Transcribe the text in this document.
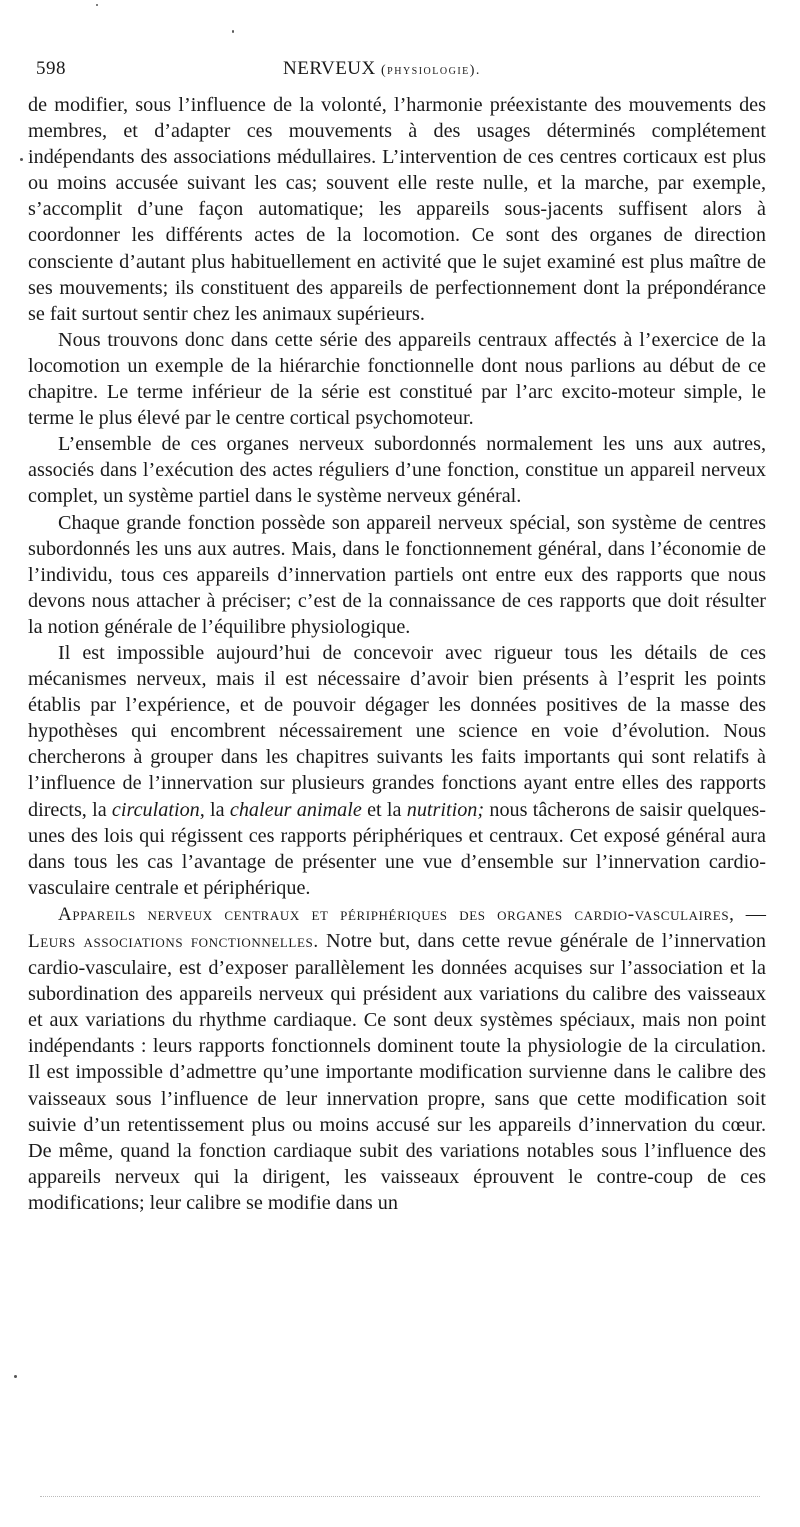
598	NERVEUX (physiologie).

de modifier, sous l’influence de la volonté, l’harmonie préexistante des mouvements des membres, et d’adapter ces mouvements à des usages déterminés complétement indépendants des associations médullaires. L’intervention de ces centres corticaux est plus ou moins accusée suivant les cas; souvent elle reste nulle, et la marche, par exemple, s’accomplit d’une façon automatique; les appareils sous-jacents suffisent alors à coordonner les différents actes de la locomotion. Ce sont des organes de direction consciente d’autant plus habituellement en activité que le sujet examiné est plus maître de ses mouvements; ils constituent des appareils de perfectionnement dont la prépondérance se fait surtout sentir chez les animaux supérieurs.

Nous trouvons donc dans cette série des appareils centraux affectés à l’exercice de la locomotion un exemple de la hiérarchie fonctionnelle dont nous parlions au début de ce chapitre. Le terme inférieur de la série est constitué par l’arc excito-moteur simple, le terme le plus élevé par le centre cortical psychomoteur.

L’ensemble de ces organes nerveux subordonnés normalement les uns aux autres, associés dans l’exécution des actes réguliers d’une fonction, constitue un appareil nerveux complet, un système partiel dans le système nerveux général.

Chaque grande fonction possède son appareil nerveux spécial, son système de centres subordonnés les uns aux autres. Mais, dans le fonctionnement général, dans l’économie de l’individu, tous ces appareils d’innervation partiels ont entre eux des rapports que nous devons nous attacher à préciser; c’est de la connaissance de ces rapports que doit résulter la notion générale de l’équilibre physiologique.

Il est impossible aujourd’hui de concevoir avec rigueur tous les détails de ces mécanismes nerveux, mais il est nécessaire d’avoir bien présents à l’esprit les points établis par l’expérience, et de pouvoir dégager les données positives de la masse des hypothèses qui encombrent nécessairement une science en voie d’évolution. Nous chercherons à grouper dans les chapitres suivants les faits importants qui sont relatifs à l’influence de l’innervation sur plusieurs grandes fonctions ayant entre elles des rapports directs, la circulation, la chaleur animale et la nutrition; nous tâcherons de saisir quelques-unes des lois qui régissent ces rapports périphériques et centraux. Cet exposé général aura dans tous les cas l’avantage de présenter une vue d’ensemble sur l’innervation cardio-vasculaire centrale et périphérique.

Appareils nerveux centraux et périphériques des organes cardio-vasculaires, — Leurs associations fonctionnelles. Notre but, dans cette revue générale de l’innervation cardio-vasculaire, est d’exposer parallèlement les données acquises sur l’association et la subordination des appareils nerveux qui président aux variations du calibre des vaisseaux et aux variations du rhythme cardiaque. Ce sont deux systèmes spéciaux, mais non point indépendants : leurs rapports fonctionnels dominent toute la physiologie de la circulation. Il est impossible d’admettre qu’une importante modification survienne dans le calibre des vaisseaux sous l’influence de leur innervation propre, sans que cette modification soit suivie d’un retentissement plus ou moins accusé sur les appareils d’innervation du cœur. De même, quand la fonction cardiaque subit des variations notables sous l’influence des appareils nerveux qui la dirigent, les vaisseaux éprouvent le contre-coup de ces modifications; leur calibre se modifie dans un
